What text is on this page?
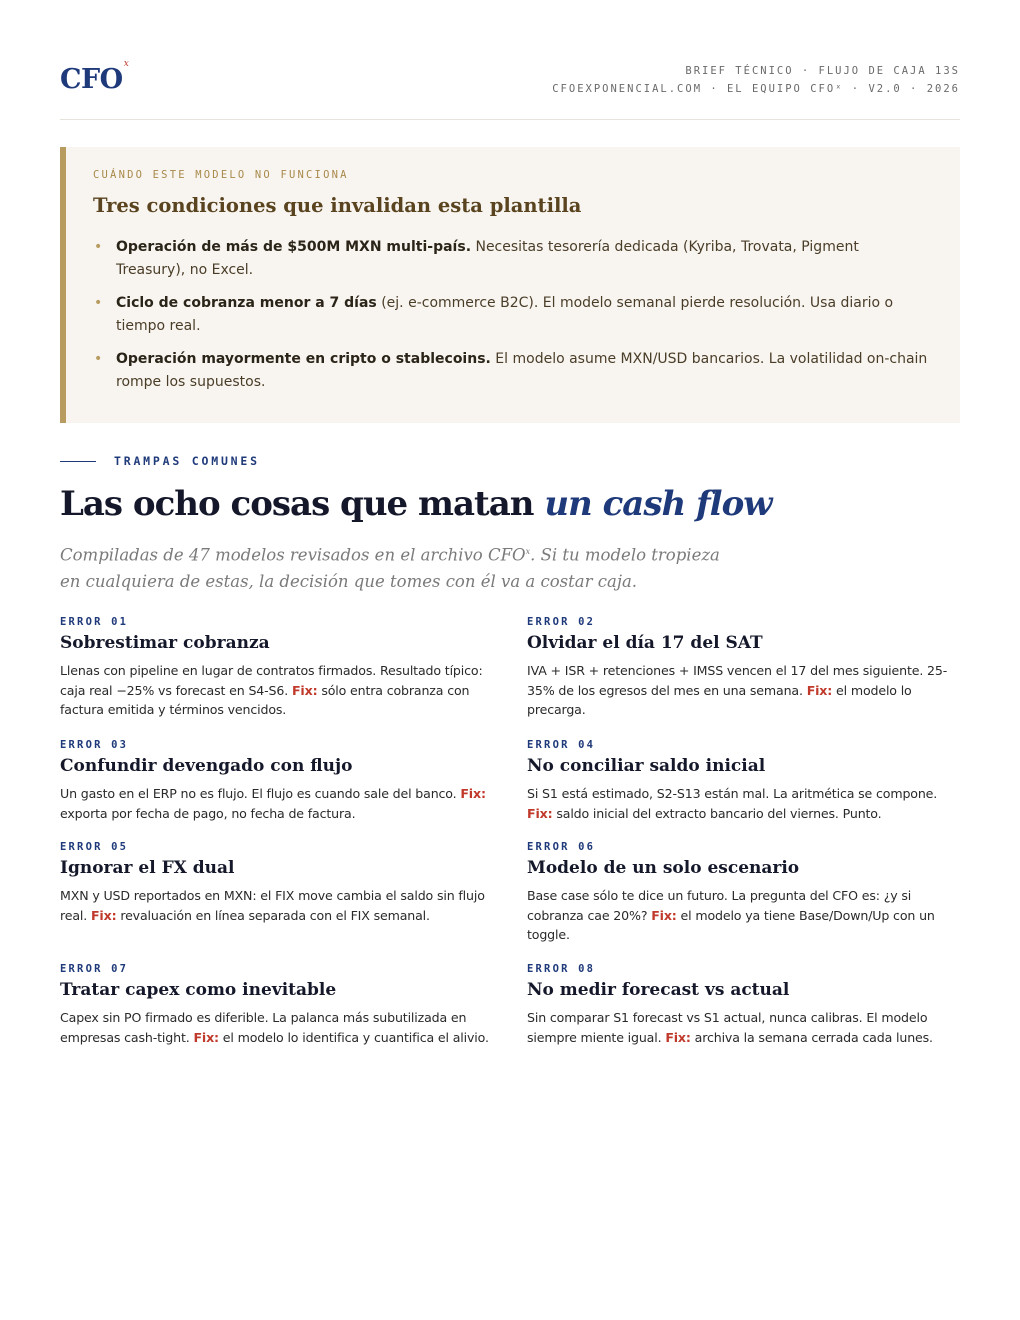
CFO$^x$
BRIEF TÉCNICO · FLUJO DE CAJA 13S
CFOEXPONENCIAL.COM · EL EQUIPO CFOˣ · V2.0 · 2026
CUÁNDO ESTE MODELO NO FUNCIONA
Tres condiciones que invalidan esta plantilla
• Operación de más de $500M MXN multi-país. Necesitas tesorería dedicada (Kyriba, Trovata, Pigment Treasury), no Excel.
• Ciclo de cobranza menor a 7 días (ej. e-commerce B2C). El modelo semanal pierde resolución. Usa diario o tiempo real.
• Operación mayormente en cripto o stablecoins. El modelo asume MXN/USD bancarios. La volatilidad on-chain rompe los supuestos.
TRAMPAS COMUNES
Las ocho cosas que matan un cash flow

Compiladas de 47 modelos revisados en el archivo CFO$^x$. Si tu modelo tropieza
en cualquiera de estas, la decisión que tomes con él va a costar caja.

ERROR 01
Sobrestimar cobranza
Llenas con pipeline en lugar de contratos firmados. Resultado típico: caja real −25% vs forecast en S4-S6. Fix: sólo entra cobranza con factura emitida y términos vencidos.
ERROR 02
Olvidar el día 17 del SAT
IVA + ISR + retenciones + IMSS vencen el 17 del mes siguiente. 25-35% de los egresos del mes en una semana. Fix: el modelo lo precarga.
ERROR 03
Confundir devengado con flujo
Un gasto en el ERP no es flujo. El flujo es cuando sale del banco. Fix: exporta por fecha de pago, no fecha de factura.
ERROR 04
No conciliar saldo inicial
Si S1 está estimado, S2-S13 están mal. La aritmética se compone. Fix: saldo inicial del extracto bancario del viernes. Punto.
ERROR 05
Ignorar el FX dual
MXN y USD reportados en MXN: el FIX move cambia el saldo sin flujo real. Fix: revaluación en línea separada con el FIX semanal.
ERROR 06
Modelo de un solo escenario
Base case sólo te dice un futuro. La pregunta del CFO es: ¿y si cobranza cae 20%? Fix: el modelo ya tiene Base/Down/Up con un toggle.
ERROR 07
Tratar capex como inevitable
Capex sin PO firmado es diferible. La palanca más subutilizada en empresas cash-tight. Fix: el modelo lo identifica y cuantifica el alivio.
ERROR 08
No medir forecast vs actual
Sin comparar S1 forecast vs S1 actual, nunca calibras. El modelo siempre miente igual. Fix: archiva la semana cerrada cada lunes.
